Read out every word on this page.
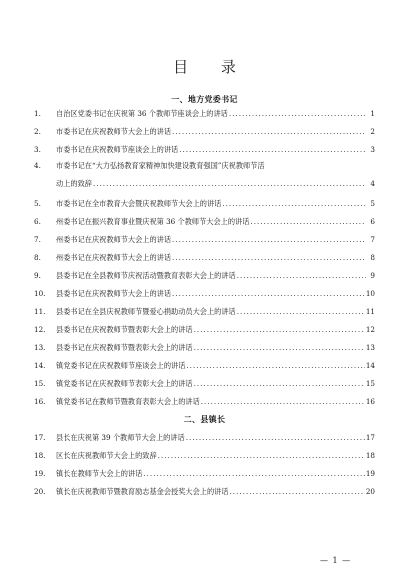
目 录
一、地方党委书记
1.	自治区党委书记在庆祝第 36 个教师节座谈会上的讲话 .....	1
2.	市委书记在庆祝教师节大会上的讲话 .....	2
3.	市委书记在庆祝教师节座谈会上的讲话 .....	3
4.	市委书记在“大力弘扬教育家精神加快建设教育强国”庆祝教师节活
动上的致辞 .....	4
5.	市委书记在全市教育大会暨庆祝教师节大会上的讲话 .....	5
6.	州委书记在振兴教育事业暨庆祝第 36 个教师节大会上的讲话 .....	6
7.	州委书记在庆祝教师节大会上的讲话 .....	7
8.	州委书记在庆祝教师节大会上的讲话 .....	8
9.	县委书记在全县教师节庆祝活动暨教育表彰大会上的讲话 .....	9
10.	县委书记在庆祝教师节大会上的讲话 .....	10
11.	县委书记在全县庆祝教师节暨爱心捐助动员大会上的讲话 .....	11
12.	县委书记在庆祝教师节暨表彰大会上的讲话 .....	12
13.	县委书记在庆祝教师节暨表彰大会上的讲话 .....	13
14.	镇党委书记在庆祝教师节座谈会上的讲话 .....	14
15.	镇党委书记在庆祝教师节表彰大会上的讲话 .....	15
16.	镇党委书记在教师节暨教育表彰大会上的讲话 .....	16
二、县镇长
17.	县长在庆祝第 39 个教师节大会上的讲话 .....	17
18.	区长在庆祝教师节大会上的致辞 .....	18
19.	镇长在教师节大会上的讲话 .....	19
20.	镇长在庆祝教师节暨教育励志基金会授奖大会上的讲话 .....	20
— 1 —
